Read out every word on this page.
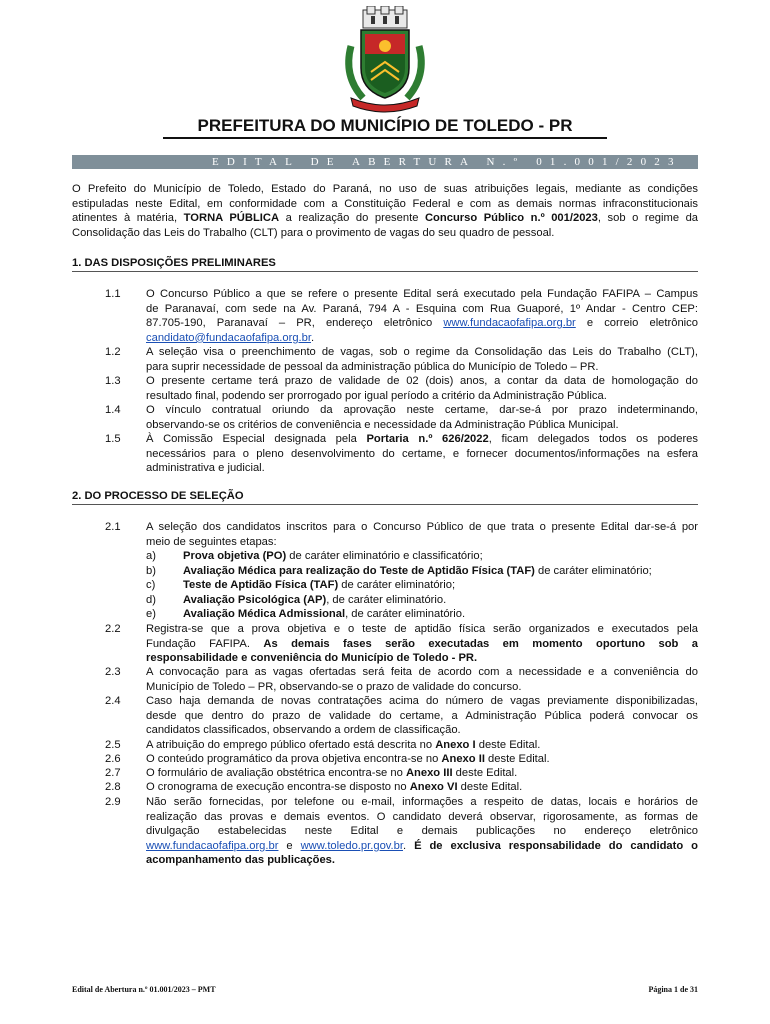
PREFEITURA DO MUNICÍPIO DE TOLEDO - PR
EDITAL DE ABERTURA N.º 01.001/2023
O Prefeito do Município de Toledo, Estado do Paraná, no uso de suas atribuições legais, mediante as condições
estipuladas neste Edital, em conformidade com a Constituição Federal e com as demais normas infraconstitucionais
atinentes à matéria, TORNA PÚBLICA a realização do presente Concurso Público n.º 001/2023, sob o regime da
Consolidação das Leis do Trabalho (CLT) para o provimento de vagas do seu quadro de pessoal.
1. DAS DISPOSIÇÕES PRELIMINARES
1.1	O Concurso Público a que se refere o presente Edital será executado pela Fundação FAFIPA – Campus
de Paranavaí, com sede na Av. Paraná, 794 A - Esquina com Rua Guaporé, 1º Andar - Centro CEP:
87.705-190, Paranavaí – PR, endereço eletrônico www.fundacaofafipa.org.br e correio eletrônico
candidato@fundacaofafipa.org.br.
1.2	A seleção visa o preenchimento de vagas, sob o regime da Consolidação das Leis do Trabalho (CLT),
para suprir necessidade de pessoal da administração pública do Município de Toledo – PR.
1.3	O presente certame terá prazo de validade de 02 (dois) anos, a contar da data de homologação do
resultado final, podendo ser prorrogado por igual período a critério da Administração Pública.
1.4	O vínculo contratual oriundo da aprovação neste certame, dar-se-á por prazo indeterminando,
observando-se os critérios de conveniência e necessidade da Administração Pública Municipal.
1.5	À Comissão Especial designada pela Portaria n.º 626/2022, ficam delegados todos os poderes
necessários para o pleno desenvolvimento do certame, e fornecer documentos/informações na esfera
administrativa e judicial.
2. DO PROCESSO DE SELEÇÃO
2.1	A seleção dos candidatos inscritos para o Concurso Público de que trata o presente Edital dar-se-á por
meio de seguintes etapas:
a) Prova objetiva (PO) de caráter eliminatório e classificatório;
b) Avaliação Médica para realização do Teste de Aptidão Física (TAF) de caráter eliminatório;
c) Teste de Aptidão Física (TAF) de caráter eliminatório;
d) Avaliação Psicológica (AP), de caráter eliminatório.
e) Avaliação Médica Admissional, de caráter eliminatório.
2.2	Registra-se que a prova objetiva e o teste de aptidão física serão organizados e executados pela
Fundação FAFIPA. As demais fases serão executadas em momento oportuno sob a
responsabilidade e conveniência do Município de Toledo - PR.
2.3	A convocação para as vagas ofertadas será feita de acordo com a necessidade e a conveniência do
Município de Toledo – PR, observando-se o prazo de validade do concurso.
2.4	Caso haja demanda de novas contratações acima do número de vagas previamente disponibilizadas,
desde que dentro do prazo de validade do certame, a Administração Pública poderá convocar os
candidatos classificados, observando a ordem de classificação.
2.5	A atribuição do emprego público ofertado está descrita no Anexo I deste Edital.
2.6	O conteúdo programático da prova objetiva encontra-se no Anexo II deste Edital.
2.7	O formulário de avaliação obstétrica encontra-se no Anexo III deste Edital.
2.8	O cronograma de execução encontra-se disposto no Anexo VI deste Edital.
2.9	Não serão fornecidas, por telefone ou e-mail, informações a respeito de datas, locais e horários de
realização das provas e demais eventos. O candidato deverá observar, rigorosamente, as formas de
divulgação estabelecidas neste Edital e demais publicações no endereço eletrônico
www.fundacaofafipa.org.br e www.toledo.pr.gov.br. É de exclusiva responsabilidade do candidato o
acompanhamento das publicações.
Edital de Abertura n.º 01.001/2023 – PMT	Página 1 de 31
